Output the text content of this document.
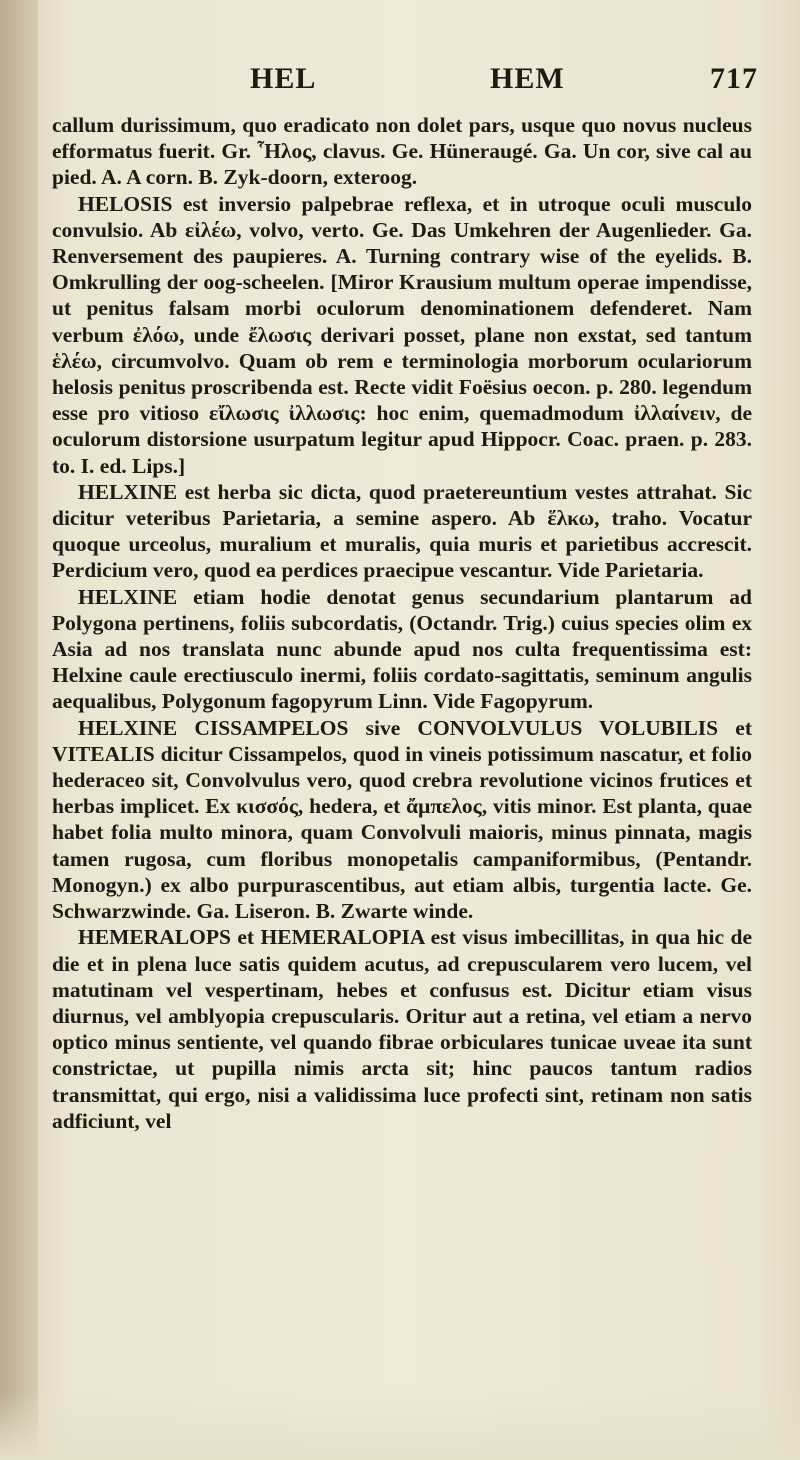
HEL	HEM	717

callum durissimum, quo eradicato non dolet pars, usque quo novus nucleus efformatus fuerit. Gr. Ἧλος, clavus. Ge. Hüneraugé. Ga. Un cor, sive cal au pied. A. A corn. B. Zyk-doorn, exteroog.

HELOSIS est inversio palpebrae reflexa, et in utroque oculi musculo convulsio. Ab εἰλέω, volvo, verto. Ge. Das Umkehren der Augenlieder. Ga. Renversement des paupieres. A. Turning contrary wise of the eyelids. B. Omkrulling der oog-scheelen. [Miror Krausium multum operae impendisse, ut penitus falsam morbi oculorum denominationem defenderet. Nam verbum ἐλόω, unde ἔλωσις derivari posset, plane non exstat, sed tantum ἑλέω, circumvolvo. Quam ob rem e terminologia morborum oculariorum helosis penitus proscribenda est. Recte vidit Foësius oecon. p. 280. legendum esse pro vitioso εἴλωσις ἰλλωσις: hoc enim, quemadmodum ἰλλαίνειν, de oculorum distorsione usurpatum legitur apud Hippocr. Coac. praen. p. 283. to. I. ed. Lips.]

HELXINE est herba sic dicta, quod praetereuntium vestes attrahat. Sic dicitur veteribus Parietaria, a semine aspero. Ab ἕλκω, traho. Vocatur quoque urceolus, muralium et muralis, quia muris et parietibus accrescit. Perdicium vero, quod ea perdices praecipue vescantur. Vide Parietaria.

HELXINE etiam hodie denotat genus secundarium plantarum ad Polygona pertinens, foliis subcordatis, (Octandr. Trig.) cuius species olim ex Asia ad nos translata nunc abunde apud nos culta frequentissima est: Helxine caule erectiusculo inermi, foliis cordato-sagittatis, seminum angulis aequalibus, Polygonum fagopyrum Linn. Vide Fagopyrum.

HELXINE CISSAMPELOS sive CONVOLVULUS VOLUBILIS et VITEALIS dicitur Cissampelos, quod in vineis potissimum nascatur, et folio hederaceo sit, Convolvulus vero, quod crebra revolutione vicinos frutices et herbas implicet. Ex κισσός, hedera, et ἄμπελος, vitis minor. Est planta, quae habet folia multo minora, quam Convolvuli maioris, minus pinnata, magis tamen rugosa, cum floribus monopetalis campaniformibus, (Pentandr. Monogyn.) ex albo purpurascentibus, aut etiam albis, turgentia lacte. Ge. Schwarzwinde. Ga. Liseron. B. Zwarte winde.

HEMERALOPS et HEMERALOPIA est visus imbecillitas, in qua hic de die et in plena luce satis quidem acutus, ad crepuscularem vero lucem, vel matutinam vel vespertinam, hebes et confusus est. Dicitur etiam visus diurnus, vel amblyopia crepuscularis. Oritur aut a retina, vel etiam a nervo optico minus sentiente, vel quando fibrae orbiculares tunicae uveae ita sunt constrictae, ut pupilla nimis arcta sit; hinc paucos tantum radios transmittat, qui ergo, nisi a validissima luce profecti sint, retinam non satis adficiunt, vel
